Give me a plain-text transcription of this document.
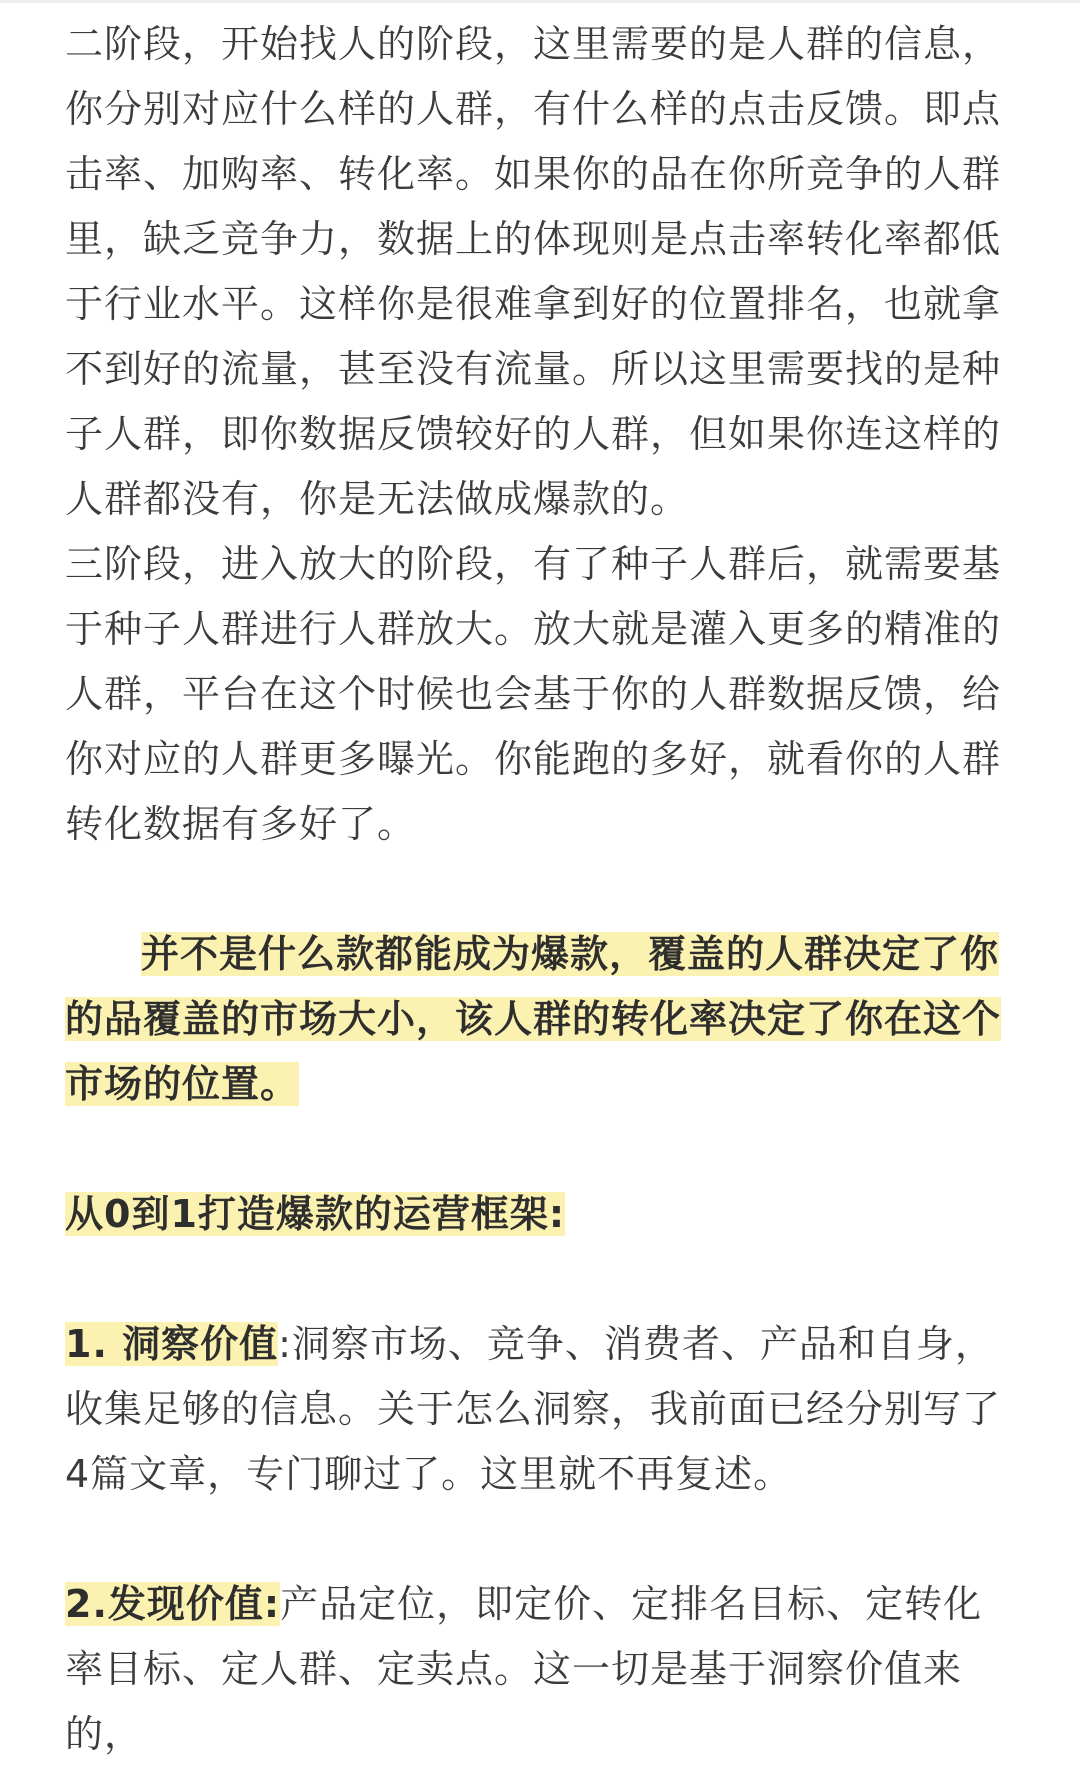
二阶段，开始找人的阶段，这里需要的是人群的信息，你分别对应什么样的人群，有什么样的点击反馈。即点击率、加购率、转化率。如果你的品在你所竞争的人群里，缺乏竞争力，数据上的体现则是点击率转化率都低于行业水平。这样你是很难拿到好的位置排名，也就拿不到好的流量，甚至没有流量。所以这里需要找的是种子人群，即你数据反馈较好的人群，但如果你连这样的人群都没有，你是无法做成爆款的。

三阶段，进入放大的阶段，有了种子人群后，就需要基于种子人群进行人群放大。放大就是灌入更多的精准的人群，平台在这个时候也会基于你的人群数据反馈，给你对应的人群更多曝光。你能跑的多好，就看你的人群转化数据有多好了。

并不是什么款都能成为爆款，覆盖的人群决定了你的品覆盖的市场大小，该人群的转化率决定了你在这个市场的位置。

从0到1打造爆款的运营框架:

1. 洞察价值:洞察市场、竞争、消费者、产品和自身，收集足够的信息。关于怎么洞察，我前面已经分别写了4篇文章，专门聊过了。这里就不再复述。

2.发现价值:产品定位，即定价、定排名目标、定转化率目标、定人群、定卖点。这一切是基于洞察价值来的，
